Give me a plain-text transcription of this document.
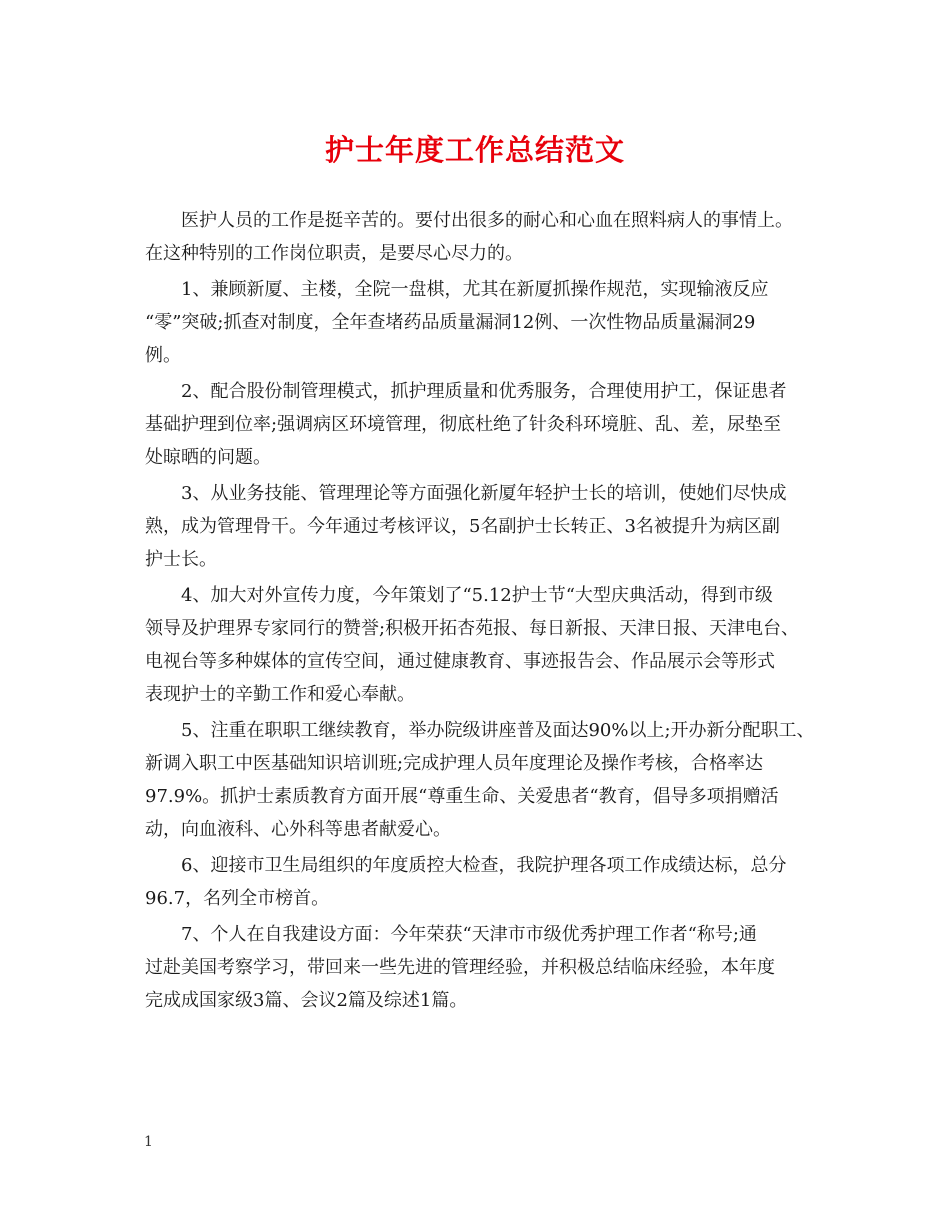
护士年度工作总结范文
医护人员的工作是挺辛苦的。要付出很多的耐心和心血在照料病人的事情上。
在这种特别的工作岗位职责，是要尽心尽力的。
1、兼顾新厦、主楼，全院一盘棋，尤其在新厦抓操作规范，实现输液反应
“零”突破;抓查对制度，全年查堵药品质量漏洞12例、一次性物品质量漏洞29
例。
2、配合股份制管理模式，抓护理质量和优秀服务，合理使用护工，保证患者
基础护理到位率;强调病区环境管理，彻底杜绝了针灸科环境脏、乱、差，尿垫至
处晾晒的问题。
3、从业务技能、管理理论等方面强化新厦年轻护士长的培训，使她们尽快成
熟，成为管理骨干。今年通过考核评议，5名副护士长转正、3名被提升为病区副
护士长。
4、加大对外宣传力度，今年策划了“5.12护士节“大型庆典活动，得到市级
领导及护理界专家同行的赞誉;积极开拓杏苑报、每日新报、天津日报、天津电台、
电视台等多种媒体的宣传空间，通过健康教育、事迹报告会、作品展示会等形式
表现护士的辛勤工作和爱心奉献。
5、注重在职职工继续教育，举办院级讲座普及面达90%以上;开办新分配职工、
新调入职工中医基础知识培训班;完成护理人员年度理论及操作考核，合格率达
97.9%。抓护士素质教育方面开展“尊重生命、关爱患者“教育，倡导多项捐赠活
动，向血液科、心外科等患者献爱心。
6、迎接市卫生局组织的年度质控大检查，我院护理各项工作成绩达标，总分
96.7，名列全市榜首。
7、个人在自我建设方面：今年荣获“天津市市级优秀护理工作者“称号;通
过赴美国考察学习，带回来一些先进的管理经验，并积极总结临床经验，本年度
完成成国家级3篇、会议2篇及综述1篇。
1
